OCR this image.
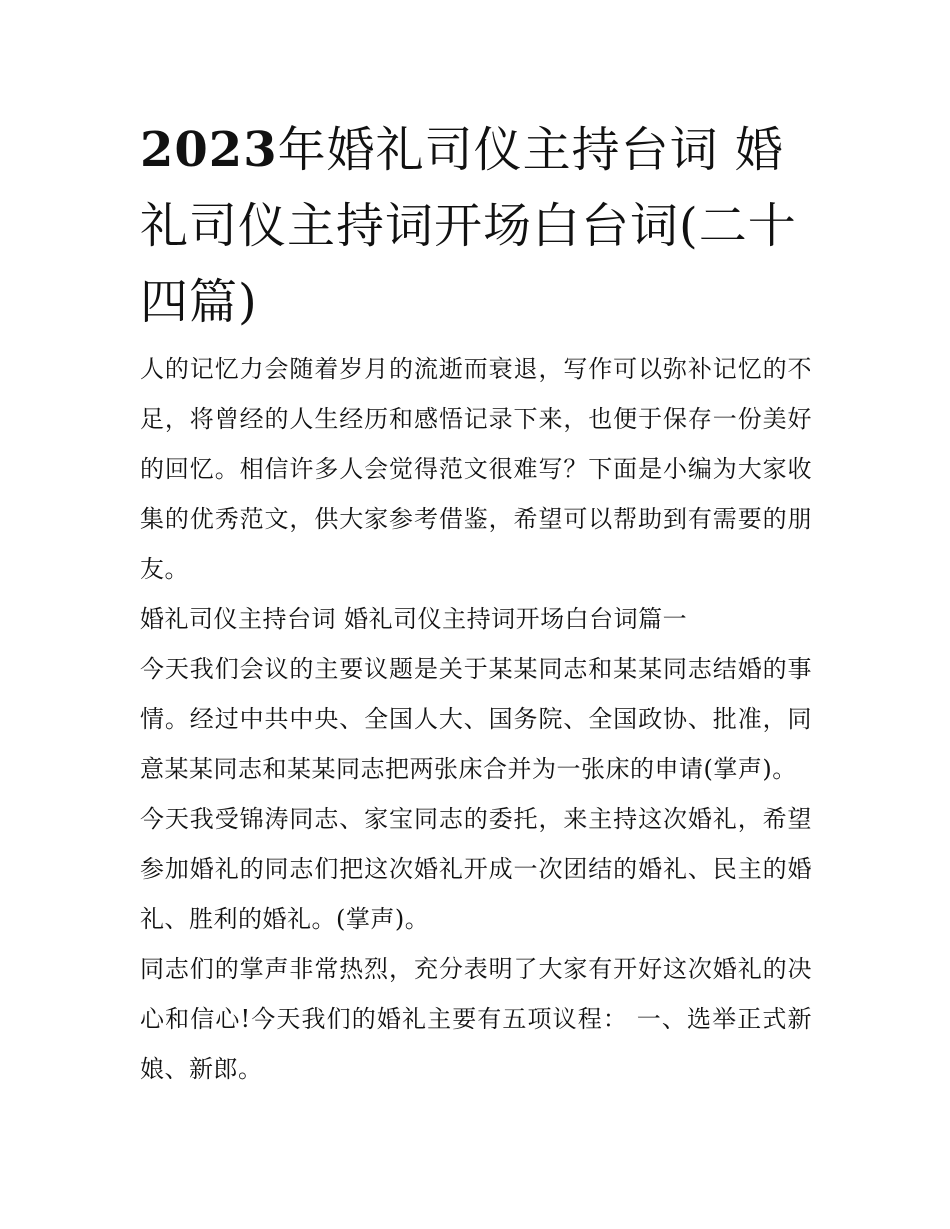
2023年婚礼司仪主持台词 婚礼司仪主持词开场白台词(二十四篇)

人的记忆力会随着岁月的流逝而衰退，写作可以弥补记忆的不足，将曾经的人生经历和感悟记录下来，也便于保存一份美好的回忆。相信许多人会觉得范文很难写？下面是小编为大家收集的优秀范文，供大家参考借鉴，希望可以帮助到有需要的朋友。

婚礼司仪主持台词 婚礼司仪主持词开场白台词篇一

今天我们会议的主要议题是关于某某同志和某某同志结婚的事情。经过中共中央、全国人大、国务院、全国政协、批准，同意某某同志和某某同志把两张床合并为一张床的申请(掌声)。

今天我受锦涛同志、家宝同志的委托，来主持这次婚礼，希望参加婚礼的同志们把这次婚礼开成一次团结的婚礼、民主的婚礼、胜利的婚礼。(掌声)。

同志们的掌声非常热烈，充分表明了大家有开好这次婚礼的决心和信心!今天我们的婚礼主要有五项议程： 一、选举正式新娘、新郎。
